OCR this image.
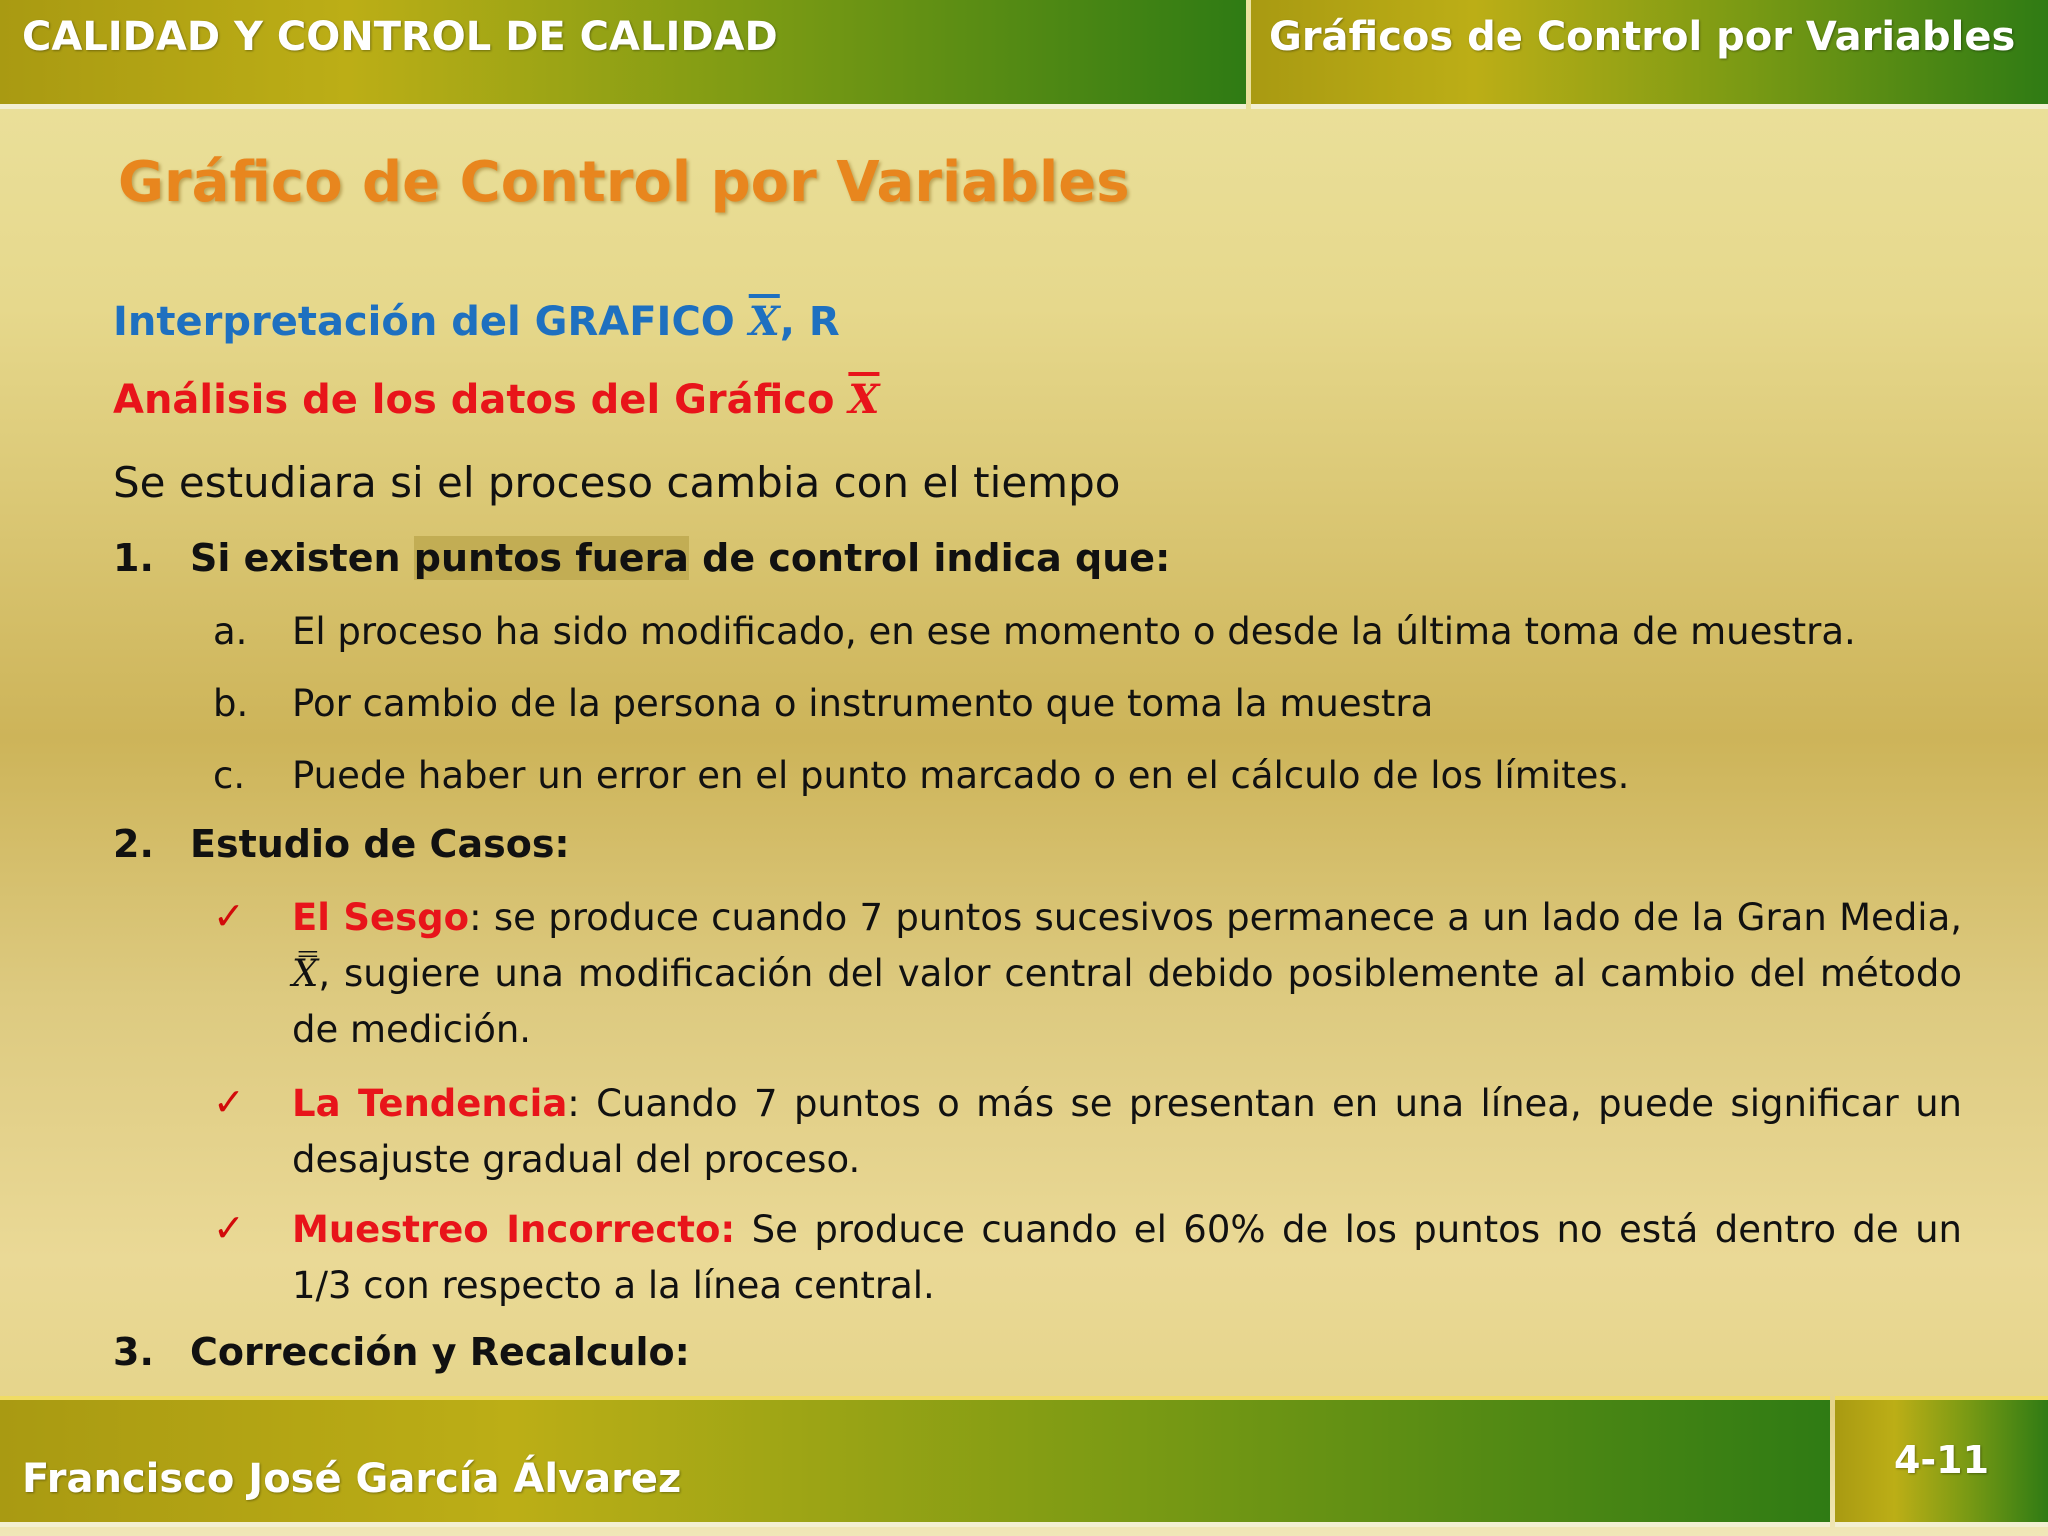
CALIDAD Y CONTROL DE CALIDAD	Gráficos de Control por Variables
Gráfico de Control por Variables
Interpretación del GRAFICO $\overline{X}$, R
Análisis de los datos del Gráfico $\overline{X}$
Se estudiara si el proceso cambia con el tiempo
1. Si existen puntos fuera de control indica que:
a. El proceso ha sido modificado, en ese momento o desde la última toma de muestra.
b. Por cambio de la persona o instrumento que toma la muestra
c. Puede haber un error en el punto marcado o en el cálculo de los límites.
2. Estudio de Casos:
✓ El Sesgo: se produce cuando 7 puntos sucesivos permanece a un lado de la Gran Media, X̿, sugiere una modificación del valor central debido posiblemente al cambio del método de medición.
✓ La Tendencia: Cuando 7 puntos o más se presentan en una línea, puede significar un desajuste gradual del proceso.
✓ Muestreo Incorrecto: Se produce cuando el 60% de los puntos no está dentro de un 1/3 con respecto a la línea central.
3. Corrección y Recalculo:
Francisco José García Álvarez	4-11
